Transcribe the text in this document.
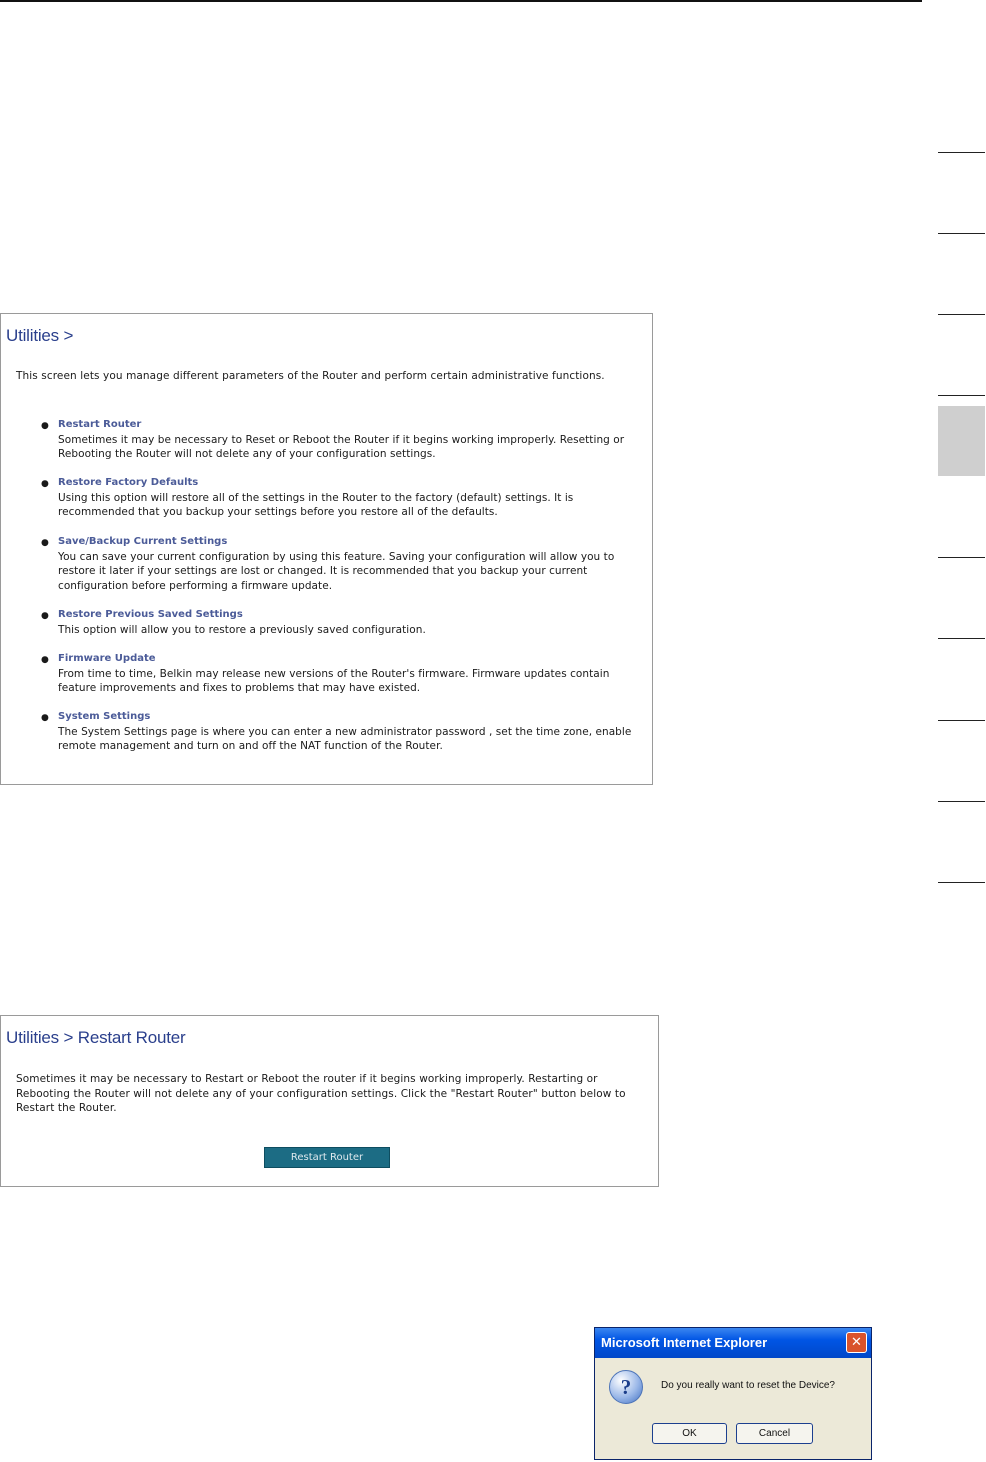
Utilities >
This screen lets you manage different parameters of the Router and perform certain administrative functions.
● Restart Router
Sometimes it may be necessary to Reset or Reboot the Router if it begins working improperly. Resetting or Rebooting the Router will not delete any of your configuration settings.
● Restore Factory Defaults
Using this option will restore all of the settings in the Router to the factory (default) settings. It is recommended that you backup your settings before you restore all of the defaults.
● Save/Backup Current Settings
You can save your current configuration by using this feature. Saving your configuration will allow you to restore it later if your settings are lost or changed. It is recommended that you backup your current configuration before performing a firmware update.
● Restore Previous Saved Settings
This option will allow you to restore a previously saved configuration.
● Firmware Update
From time to time, Belkin may release new versions of the Router's firmware. Firmware updates contain feature improvements and fixes to problems that may have existed.
● System Settings
The System Settings page is where you can enter a new administrator password , set the time zone, enable remote management and turn on and off the NAT function of the Router.
Utilities > Restart Router
Sometimes it may be necessary to Restart or Reboot the router if it begins working improperly. Restarting or Rebooting the Router will not delete any of your configuration settings. Click the "Restart Router" button below to Restart the Router.
Restart Router
Microsoft Internet Explorer	✕
?	Do you really want to reset the Device?
OK	Cancel
